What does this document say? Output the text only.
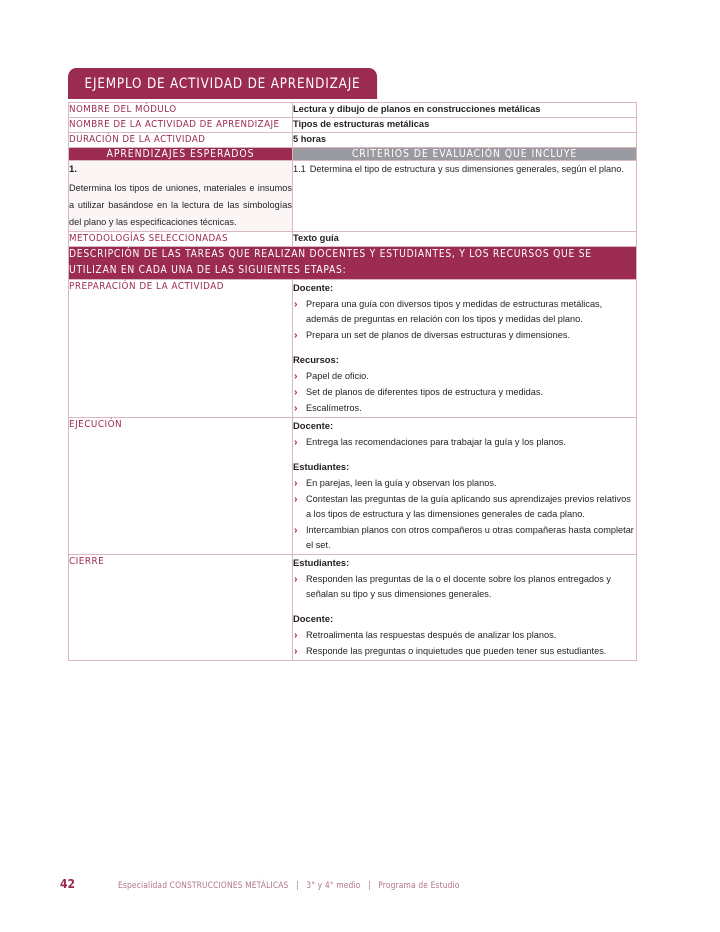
EJEMPLO DE ACTIVIDAD DE APRENDIZAJE
NOMBRE DEL MÓDULO	Lectura y dibujo de planos en construcciones metálicas
NOMBRE DE LA ACTIVIDAD DE APRENDIZAJE	Tipos de estructuras metálicas
DURACIÓN DE LA ACTIVIDAD	5 horas
APRENDIZAJES ESPERADOS	CRITERIOS DE EVALUACIÓN QUE INCLUYE

1.
Determina los tipos de uniones, materiales e insumos a utilizar basándose en la lectura de las simbologías del plano y las especificaciones técnicas.	1.1 Determina el tipo de estructura y sus dimensiones generales, según el plano.

METODOLOGÍAS SELECCIONADAS	Texto guía
DESCRIPCIÓN DE LAS TAREAS QUE REALIZAN DOCENTES Y ESTUDIANTES, Y LOS RECURSOS QUE SE UTILIZAN EN CADA UNA DE LAS SIGUIENTES ETAPAS:	
PREPARACIÓN DE LA ACTIVIDAD	Docente:

› Prepara una guía con diversos tipos y medidas de estructuras metálicas, además de preguntas en relación con los tipos y medidas del plano.
› Prepara un set de planos de diversas estructuras y dimensiones.

Recursos:

› Papel de oficio.
› Set de planos de diferentes tipos de estructura y medidas.
› Escalímetros.

EJECUCIÓN	Docente:

› Entrega las recomendaciones para trabajar la guía y los planos.

Estudiantes:

› En parejas, leen la guía y observan los planos.
› Contestan las preguntas de la guía aplicando sus aprendizajes previos relativos a los tipos de estructura y las dimensiones generales de cada plano.
› Intercambian planos con otros compañeros u otras compañeras hasta completar el set.

CIERRE	Estudiantes:

› Responden las preguntas de la o el docente sobre los planos entregados y señalan su tipo y sus dimensiones generales.

Docente:

› Retroalimenta las respuestas después de analizar los planos.
› Responde las preguntas o inquietudes que pueden tener sus estudiantes.
42	Especialidad CONSTRUCCIONES METÁLICAS | 3° y 4° medio | Programa de Estudio
